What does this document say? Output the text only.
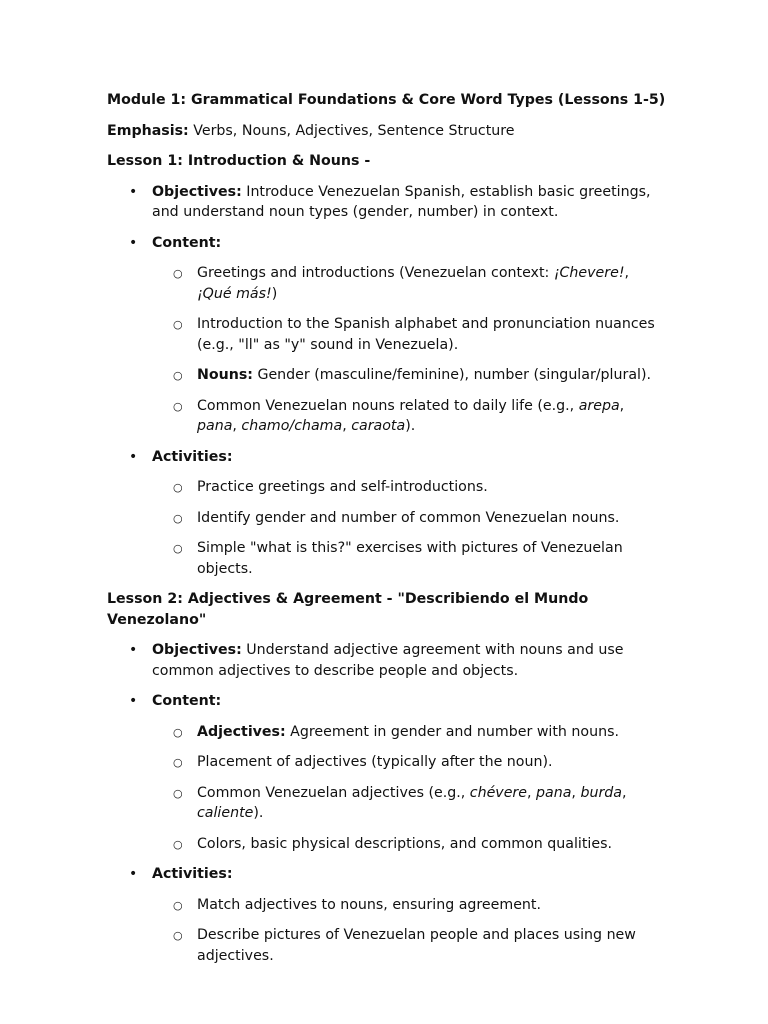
Module 1: Grammatical Foundations & Core Word Types (Lessons 1-5)
Emphasis: Verbs, Nouns, Adjectives, Sentence Structure
Lesson 1: Introduction & Nouns -
• Objectives: Introduce Venezuelan Spanish, establish basic greetings, and understand noun types (gender, number) in context.
• Content:
○ Greetings and introductions (Venezuelan context: ¡Chevere!, ¡Qué más!)
○ Introduction to the Spanish alphabet and pronunciation nuances (e.g., "ll" as "y" sound in Venezuela).
○ Nouns: Gender (masculine/feminine), number (singular/plural).
○ Common Venezuelan nouns related to daily life (e.g., arepa, pana, chamo/chama, caraota).
• Activities:
○ Practice greetings and self-introductions.
○ Identify gender and number of common Venezuelan nouns.
○ Simple "what is this?" exercises with pictures of Venezuelan objects.
Lesson 2: Adjectives & Agreement - "Describiendo el Mundo Venezolano"
• Objectives: Understand adjective agreement with nouns and use common adjectives to describe people and objects.
• Content:
○ Adjectives: Agreement in gender and number with nouns.
○ Placement of adjectives (typically after the noun).
○ Common Venezuelan adjectives (e.g., chévere, pana, burda, caliente).
○ Colors, basic physical descriptions, and common qualities.
• Activities:
○ Match adjectives to nouns, ensuring agreement.
○ Describe pictures of Venezuelan people and places using new adjectives.
